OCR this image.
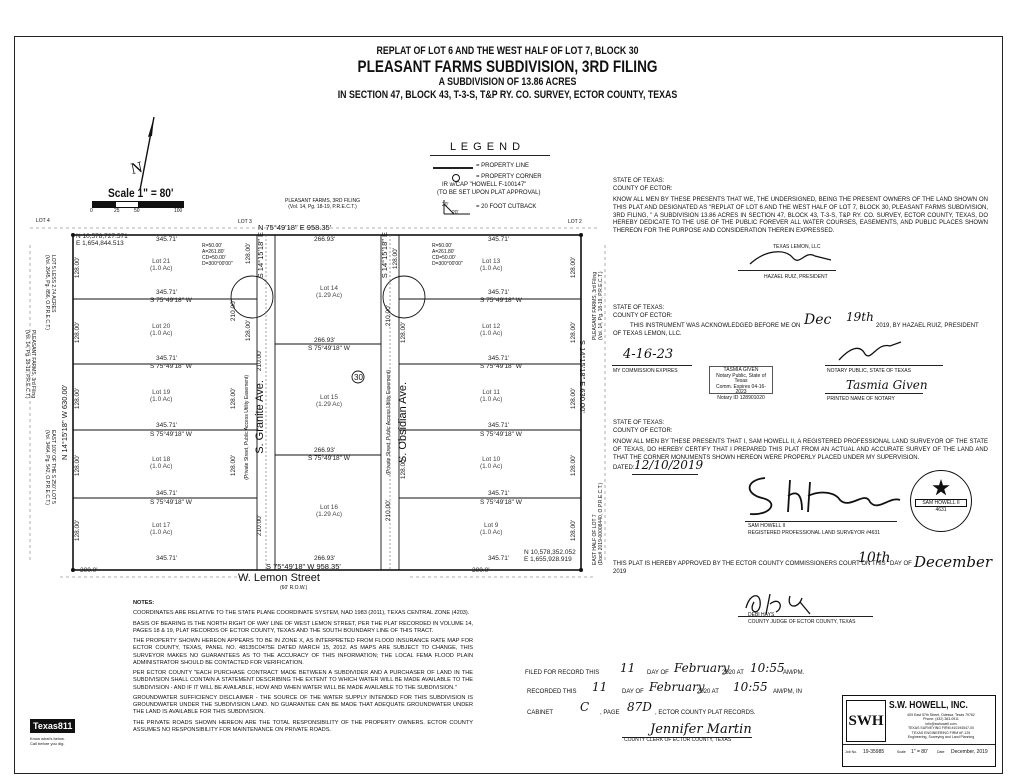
REPLAT OF LOT 6 AND THE WEST HALF OF LOT 7, BLOCK 30
PLEASANT FARMS SUBDIVISION, 3RD FILING
A SUBDIVISION OF 13.86 ACRES
IN SECTION 47, BLOCK 43, T-3-S, T&P RY. CO. SURVEY, ECTOR COUNTY, TEXAS
N
Scale 1" = 80'
0	25	50	100
PLEASANT FARMS, 3RD FILING
(Vol. 14, Pg. 18-19, P.R.E.C.T.)
L E G E N D
= PROPERTY LINE
= PROPERTY CORNER
IR w/CAP "HOWELL F-100147"
(TO BE SET UPON PLAT APPROVAL)
20'
20'
= 20 FOOT CUTBACK
LOT 4	LOT 3	LOT 2
N 75°49'18" E 958.35'
S 75°49'18" W 958.35'
N 14°15'18" W 630.00'
S 14°15'18" E 630.00'
N 10,578,727.571
E 1,654,844.513
N 10,578,352.052
E 1,655,928.919
R=50.00'
A=261.80'
CD=50.00'
D=300°00'00"
R=50.00'
A=261.80'
CD=50.00'
D=300°00'00"
345.71'
Lot 21
(1.0 Ac)
345.71'
S 75°49'18" W
Lot 20
(1.0 Ac)
345.71'
S 75°49'18" W
Lot 19
(1.0 Ac)
345.71'
S 75°49'18" W
Lot 18
(1.0 Ac)
345.71'
S 75°49'18" W
Lot 17
(1.0 Ac)
345.71'
300.0'
128.00'
128.00'
128.00'
128.00'
128.00'
128.00'
210.00'
128.00'
128.00'
210.00'
128.00'
210.00'
S 14°15'18" E
S. Granite Ave.
(Private Street, Public Access Utility Easement)
S 14°15'18" E
S. Obsidian Ave.
(Private Street, Public Access Utility Easement)
266.93'
Lot 14
(1.29 Ac)
266.93'
S 75°49'18" W
30
Lot 15
(1.29 Ac)
266.93'
S 75°49'18" W
Lot 16
(1.29 Ac)
266.93'
345.71'
Lot 13
(1.0 Ac)
345.71'
S 75°49'18" W
Lot 12
(1.0 Ac)
345.71'
S 75°49'18" W
Lot 11
(1.0 Ac)
345.71'
S 75°49'18" W
Lot 10
(1.0 Ac)
345.71'
S 75°49'18" W
Lot 9
(1.0 Ac)
345.71'
300.0'
128.00'
128.00'
128.00'
128.00'
128.00'
128.00'
210.00'
128.00'
128.00'
210.00'
W. Lemon Street
(60' R.O.W.)
LOT 5 LESS 2.74 ACRES
(Vol. 2645, Pg. 856, O.P.R.E.C.T.)
PLEASANT FARMS, 3rd Filing
(Vol. 14, Pg. 18-19, P.R.E.C.T.)
EAST 100' OF THE S 250' LOT 5
(Vol. 3464, Pg. 542, O.P.R.E.C.T.)
PLEASANT FARMS, 3rd Filing (Vol. 14, Pg. 18-19, P.R.E.C.T.)
EAST HALF OF LOT 7 (Doc# 2019-00008440, O.P.R.E.C.T.)
STATE OF TEXAS:
COUNTY OF ECTOR:
KNOW ALL MEN BY THESE PRESENTS THAT WE, THE UNDERSIGNED, BEING THE PRESENT OWNERS OF THE LAND SHOWN ON THIS PLAT AND DESIGNATED AS "REPLAT OF LOT 6 AND THE WEST HALF OF LOT 7, BLOCK 30, PLEASANT FARMS SUBDIVISION, 3RD FILING, " A SUBDIVISION 13.86 ACRES IN SECTION 47, BLOCK 43, T-3-S, T&P RY. CO. SURVEY, ECTOR COUNTY, TEXAS, DO HEREBY DEDICATE TO THE USE OF THE PUBLIC FOREVER ALL WATER COURSES, EASEMENTS, AND PUBLIC PLACES SHOWN THEREON FOR THE PURPOSE AND CONSIDERATION THEREIN EXPRESSED.
TEXAS LEMON, LLC
HAZAEL RUIZ, PRESIDENT
STATE OF TEXAS:
COUNTY OF ECTOR:
THIS INSTRUMENT WAS ACKNOWLEDGED BEFORE ME ON Dec 19th
2019, BY HAZAEL RUIZ, PRESIDENT
OF TEXAS LEMON, LLC.
4-16-23
MY COMMISSION EXPIRES	TASMIA GIVEN
Notary Public, State of Texas
Comm. Expires 04-16-2023
Notary ID 128901020
NOTARY PUBLIC, STATE OF TEXAS
Tasmia Given
PRINTED NAME OF NOTARY
STATE OF TEXAS:
COUNTY OF ECTOR:
KNOW ALL MEN BY THESE PRESENTS THAT I, SAM HOWELL II, A REGISTERED PROFESSIONAL LAND SURVEYOR OF THE STATE OF TEXAS, DO HEREBY CERTIFY THAT I PREPARED THIS PLAT FROM AN ACTUAL AND ACCURATE SURVEY OF THE LAND AND THAT THE CORNER MONUMENTS SHOWN HEREON WERE PROPERLY PLACED UNDER MY SUPERVISION.
DATED: 12/10/2019
SAM HOWELL II
REGISTERED PROFESSIONAL LAND SURVEYOR #4631
SAM HOWELL II
4631
THIS PLAT IS HEREBY APPROVED BY THE ECTOR COUNTY COMMISSIONERS COURT ON THIS
10th DAY OF December
2019
DEBI HAYS
COUNTY JUDGE OF ECTOR COUNTY, TEXAS
NOTES:
COORDINATES ARE RELATIVE TO THE STATE PLANE COORDINATE SYSTEM, NAD 1983 (2011), TEXAS CENTRAL ZONE (4203).
BASIS OF BEARING IS THE NORTH RIGHT OF WAY LINE OF WEST LEMON STREET, PER THE PLAT RECORDED IN VOLUME 14, PAGES 18 & 19, PLAT RECORDS OF ECTOR COUNTY, TEXAS AND THE SOUTH BOUNDARY LINE OF THIS TRACT.
THE PROPERTY SHOWN HEREON APPEARS TO BE IN ZONE X, AS INTERPRETED FROM FLOOD INSURANCE RATE MAP FOR ECTOR COUNTY, TEXAS, PANEL NO. 48135C0475E DATED MARCH 15, 2012. AS MAPS ARE SUBJECT TO CHANGE, THIS SURVEYOR MAKES NO GUARANTEES AS TO THE ACCURACY OF THIS INFORMATION; THE LOCAL FEMA FLOOD PLAIN ADMINISTRATOR SHOULD BE CONTACTED FOR VERIFICATION.
PER ECTOR COUNTY "EACH PURCHASE CONTRACT MADE BETWEEN A SUBDIVIDER AND A PURCHASER OF LAND IN THE SUBDIVISION SHALL CONTAIN A STATEMENT DESCRIBING THE EXTENT TO WHICH WATER WILL BE MADE AVAILABLE TO THE SUBDIVISION - AND IF IT WILL BE AVAILABLE, HOW AND WHEN WATER WILL BE MADE AVAILABLE TO THE SUBDIVISION."
GROUNDWATER SUFFICIENCY DISCLAIMER - THE SOURCE OF THE WATER SUPPLY INTENDED FOR THIS SUBDIVISION IS GROUNDWATER UNDER THE SUBDIVISION LAND. NO GUARANTEE CAN BE MADE THAT ADEQUATE GROUNDWATER UNDER THE LAND IS AVAILABLE FOR THIS SUBDIVISION.
THE PRIVATE ROADS SHOWN HEREON ARE THE TOTAL RESPONSIBILITY OF THE PROPERTY OWNERS. ECTOR COUNTY ASSUMES NO RESPONSIBILITY FOR MAINTENANCE ON PRIVATE ROADS.
FILED FOR RECORD THIS 11 DAY OF February
2020 AT 10:55
AM/PM.
RECORDED THIS 11 DAY OF February
2020 AT 10:55 AM/PM, IN
CABINET C , PAGE 87D , ECTOR COUNTY PLAT RECORDS.
Jennifer Martin
COUNTY CLERK OF ECTOR COUNTY, TEXAS
SWH
S.W. HOWELL, INC.
409 East 57th Street, Odessa, Texas 79762
Phone: (432) 363-0911
info@swhowell.com
TEXAS SURVEYING FIRM #10194547-00
TEXAS ENGINEERING FIRM #F-129
Engineering, Surveying and Land Planning
Job No. 19-35985	Scale 1" = 80'	Date December, 2019
Texas811
Know what's below.
Call before you dig.
